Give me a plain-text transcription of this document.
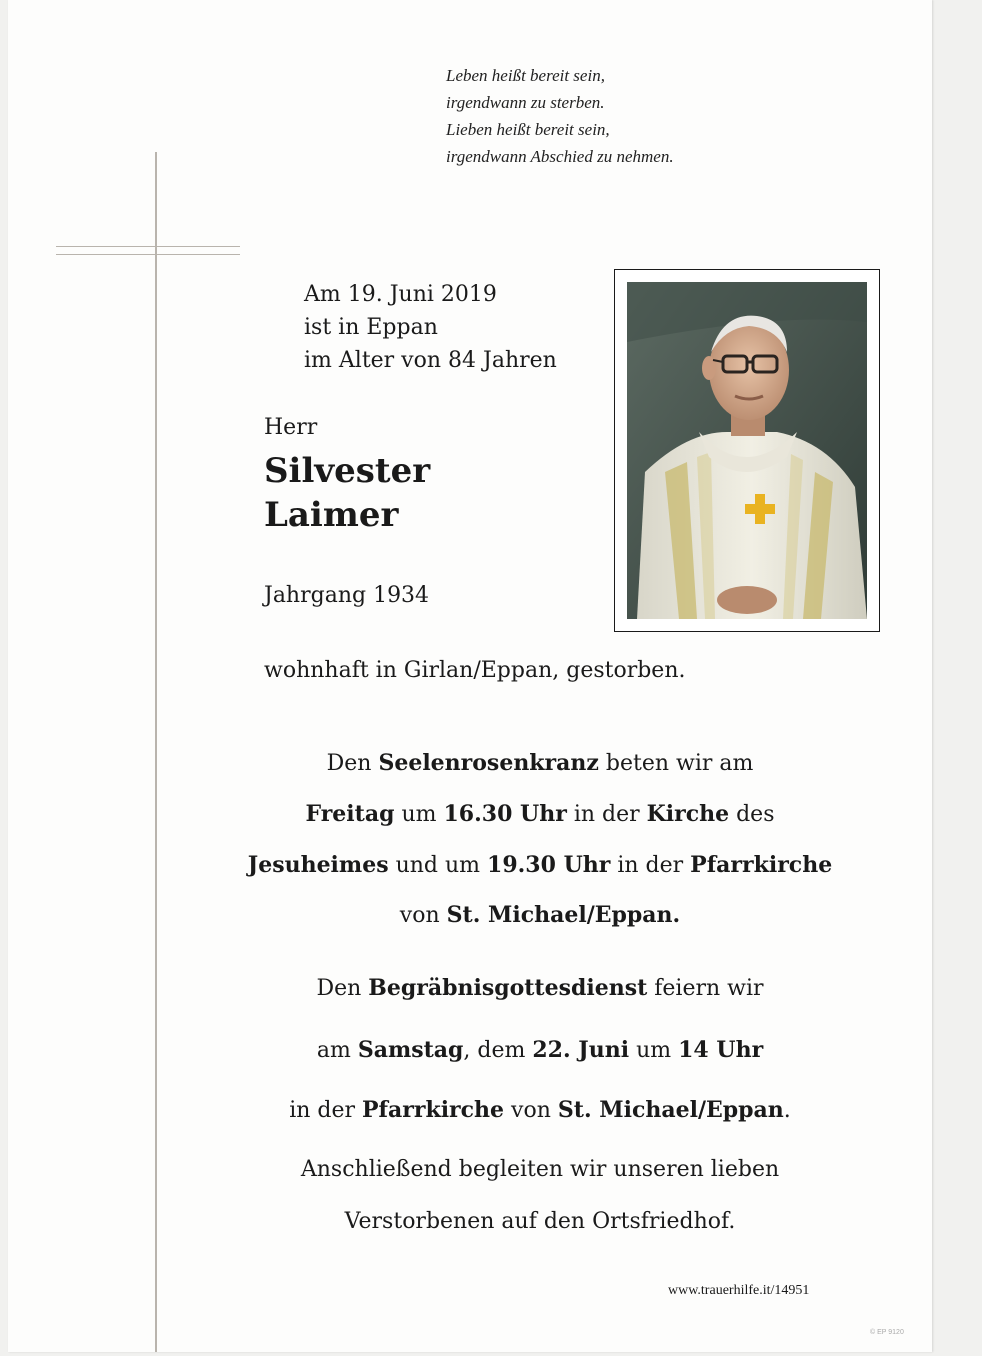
Leben heißt bereit sein,
irgendwann zu sterben.
Lieben heißt bereit sein,
irgendwann Abschied zu nehmen.
Am 19. Juni 2019
ist in Eppan
im Alter von 84 Jahren
Herr
Silvester
Laimer
Jahrgang 1934
wohnhaft in Girlan/Eppan, gestorben.
Den Seelenrosenkranz beten wir am
Freitag um 16.30 Uhr in der Kirche des
Jesuheimes und um 19.30 Uhr in der Pfarrkirche
von St. Michael/Eppan.
Den Begräbnisgottesdienst feiern wir
am Samstag, dem 22. Juni um 14 Uhr
in der Pfarrkirche von St. Michael/Eppan.
Anschließend begleiten wir unseren lieben
Verstorbenen auf den Ortsfriedhof.
www.trauerhilfe.it/14951
© EP 9120
